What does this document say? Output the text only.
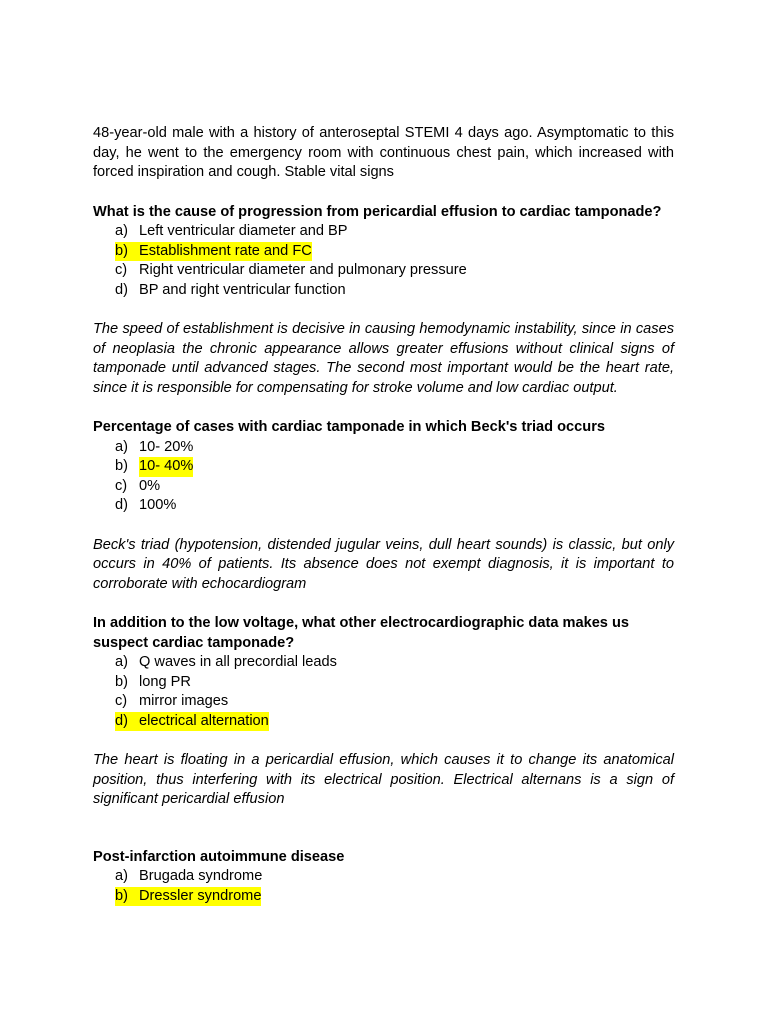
48-year-old male with a history of anteroseptal STEMI 4 days ago. Asymptomatic to this day, he went to the emergency room with continuous chest pain, which increased with forced inspiration and cough. Stable vital signs

What is the cause of progression from pericardial effusion to cardiac tamponade?

a) Left ventricular diameter and BP
b) Establishment rate and FC
c) Right ventricular diameter and pulmonary pressure
d) BP and right ventricular function

The speed of establishment is decisive in causing hemodynamic instability, since in cases of neoplasia the chronic appearance allows greater effusions without clinical signs of tamponade until advanced stages. The second most important would be the heart rate, since it is responsible for compensating for stroke volume and low cardiac output.

Percentage of cases with cardiac tamponade in which Beck's triad occurs

a) 10- 20%
b) 10- 40%
c) 0%
d) 100%

Beck's triad (hypotension, distended jugular veins, dull heart sounds) is classic, but only occurs in 40% of patients. Its absence does not exempt diagnosis, it is important to corroborate with echocardiogram

In addition to the low voltage, what other electrocardiographic data makes us suspect cardiac tamponade?

a) Q waves in all precordial leads
b) long PR
c) mirror images
d) electrical alternation

The heart is floating in a pericardial effusion, which causes it to change its anatomical position, thus interfering with its electrical position. Electrical alternans is a sign of significant pericardial effusion

Post-infarction autoimmune disease

a) Brugada syndrome
b) Dressler syndrome
